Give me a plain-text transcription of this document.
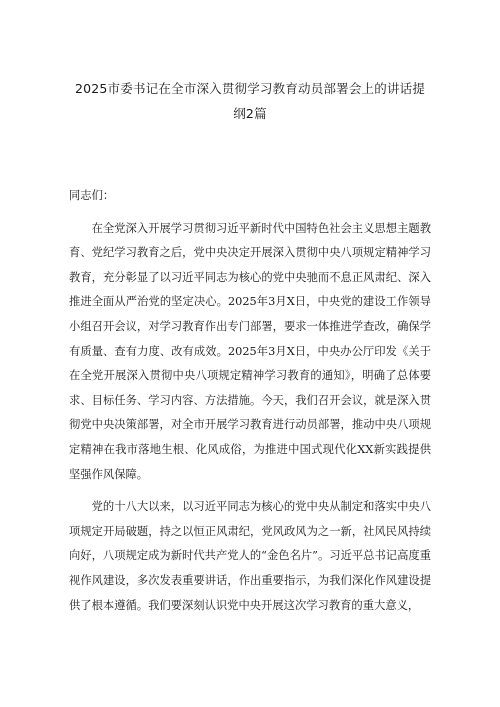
2025市委书记在全市深入贯彻学习教育动员部署会上的讲话提纲2篇

同志们：

在全党深入开展学习贯彻习近平新时代中国特色社会主义思想主题教育、党纪学习教育之后，党中央决定开展深入贯彻中央八项规定精神学习教育，充分彰显了以习近平同志为核心的党中央驰而不息正风肃纪、深入推进全面从严治党的坚定决心。2025年3月X日，中央党的建设工作领导小组召开会议，对学习教育作出专门部署，要求一体推进学查改，确保学有质量、查有力度、改有成效。2025年3月X日，中央办公厅印发《关于在全党开展深入贯彻中央八项规定精神学习教育的通知》，明确了总体要求、目标任务、学习内容、方法措施。今天，我们召开会议，就是深入贯彻党中央决策部署，对全市开展学习教育进行动员部署，推动中央八项规定精神在我市落地生根、化风成俗，为推进中国式现代化XX新实践提供坚强作风保障。

党的十八大以来，以习近平同志为核心的党中央从制定和落实中央八项规定开局破题，持之以恒正风肃纪，党风政风为之一新，社风民风持续向好，八项规定成为新时代共产党人的“金色名片”。习近平总书记高度重视作风建设，多次发表重要讲话，作出重要指示，为我们深化作风建设提供了根本遵循。我们要深刻认识党中央开展这次学习教育的重大意义，
